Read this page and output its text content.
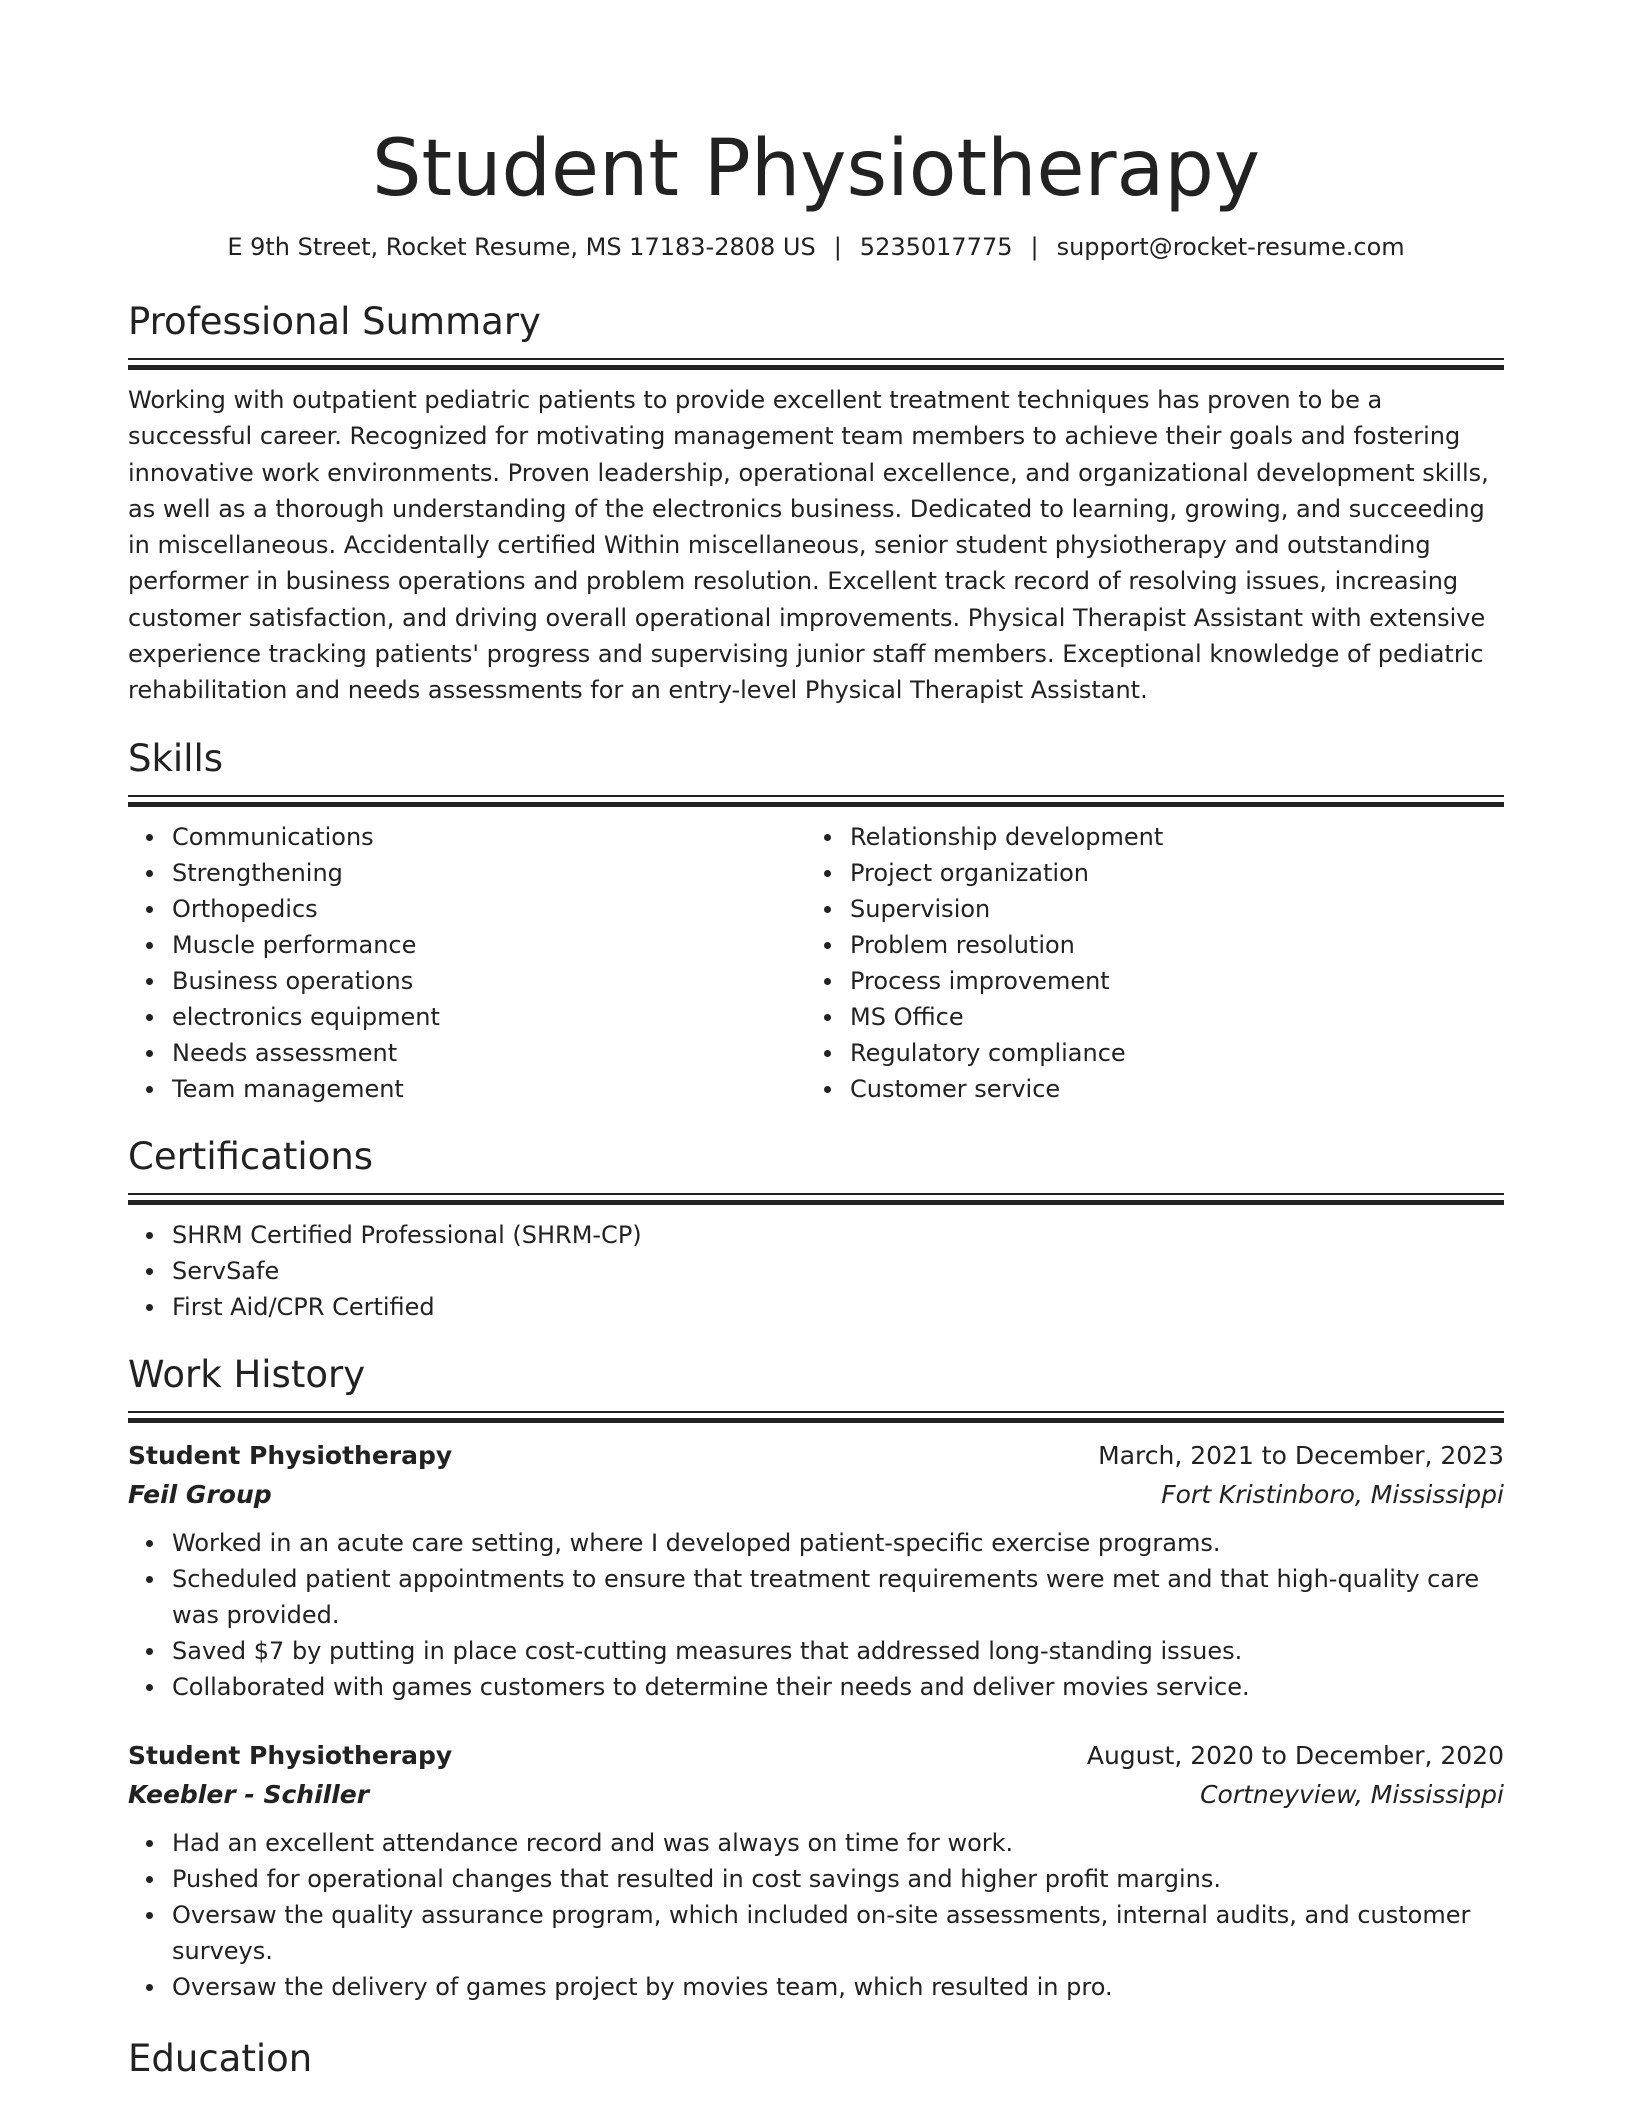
Student Physiotherapy
E 9th Street, Rocket Resume, MS 17183-2808 US | 5235017775 | support@rocket-resume.com
Professional Summary
Working with outpatient pediatric patients to provide excellent treatment techniques has proven to be a successful career. Recognized for motivating management team members to achieve their goals and fostering innovative work environments. Proven leadership, operational excellence, and organizational development skills, as well as a thorough understanding of the electronics business. Dedicated to learning, growing, and succeeding in miscellaneous. Accidentally certified Within miscellaneous, senior student physiotherapy and outstanding performer in business operations and problem resolution. Excellent track record of resolving issues, increasing customer satisfaction, and driving overall operational improvements. Physical Therapist Assistant with extensive experience tracking patients' progress and supervising junior staff members. Exceptional knowledge of pediatric rehabilitation and needs assessments for an entry-level Physical Therapist Assistant.
Skills
Communications
Strengthening
Orthopedics
Muscle performance
Business operations
electronics equipment
Needs assessment
Team management
Relationship development
Project organization
Supervision
Problem resolution
Process improvement
MS Office
Regulatory compliance
Customer service
Certifications
SHRM Certified Professional (SHRM-CP)
ServSafe
First Aid/CPR Certified
Work History
Student Physiotherapy	March, 2021 to December, 2023
Feil Group	Fort Kristinboro, Mississippi
Worked in an acute care setting, where I developed patient-specific exercise programs.
Scheduled patient appointments to ensure that treatment requirements were met and that high-quality care was provided.
Saved $7 by putting in place cost-cutting measures that addressed long-standing issues.
Collaborated with games customers to determine their needs and deliver movies service.
Student Physiotherapy	August, 2020 to December, 2020
Keebler - Schiller	Cortneyview, Mississippi
Had an excellent attendance record and was always on time for work.
Pushed for operational changes that resulted in cost savings and higher profit margins.
Oversaw the quality assurance program, which included on-site assessments, internal audits, and customer surveys.
Oversaw the delivery of games project by movies team, which resulted in pro.
Education
